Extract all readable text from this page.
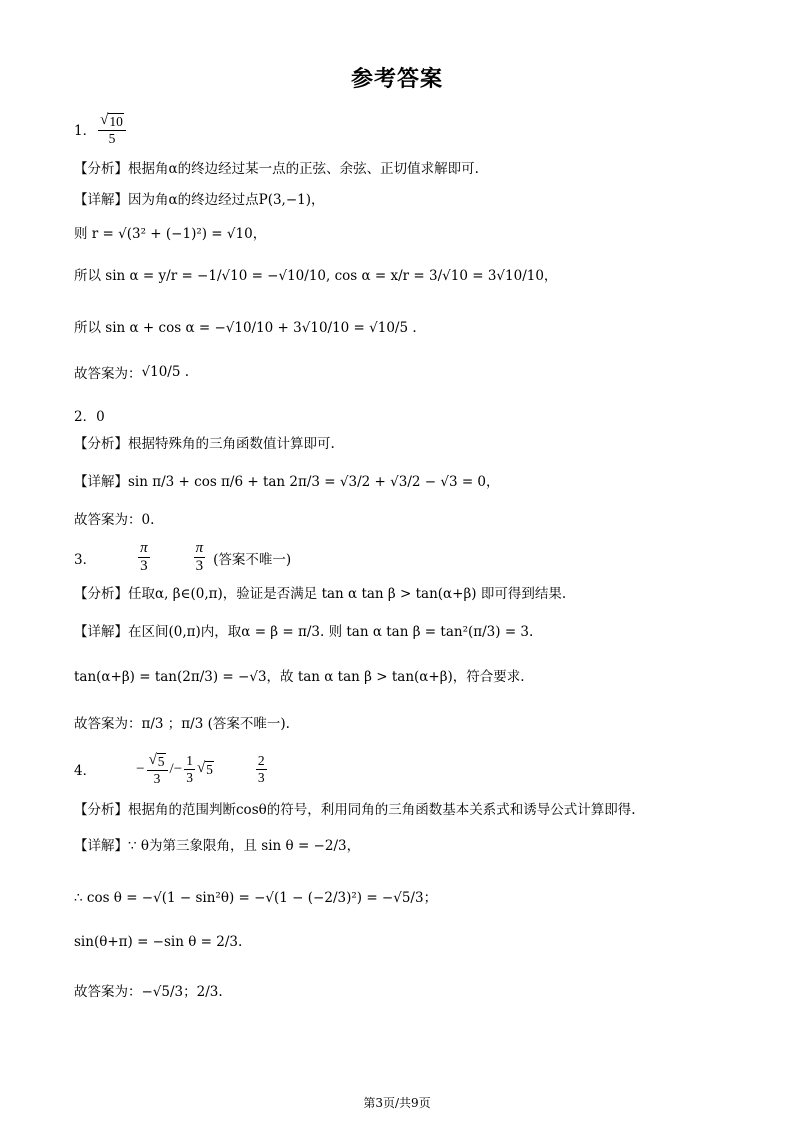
参考答案
1． $\frac{√ 10}{5}$
【分析】 根据角α的终边经过某一点的正弦、余弦、正切值求解即可.
【详解】 因为角α的终边经过点P(3,−1)，
则 r = √(3² + (−1)²) = √10，
所以 sin α = y/r = −1/√10 = −√10/10, cos α = x/r = 3/√10 = 3√10/10，
所以 sin α + cos α = −√10/10 + 3√10/10 = √10/5 .
故答案为： √10/5 .
2．0
【分析】 根据特殊角的三角函数值计算即可.
【详解】 sin π/3 + cos π/6 + tan 2π/3 = √3/2 + √3/2 − √3 = 0，
故答案为：0.
3．	$\frac{\pi}{3}$	$\frac{\pi}{3}$ (答案不唯一)
【分析】 任取α, β∈(0,π)，验证是否满足 tan α tan β > tan(α+β) 即可得到结果.
【详解】 在区间(0,π)内，取α = β = π/3. 则 tan α tan β = tan²(π/3) = 3.
tan(α+β) = tan(2π/3) = −√3，故 tan α tan β > tan(α+β)，符合要求.
故答案为：π/3 ；π/3 (答案不唯一).
4．	− $\frac{√ 5}{3} /- \frac{1}{3}$ √ 5	$\frac{2}{3}$
【分析】 根据角的范围判断cosθ的符号，利用同角的三角函数基本关系式和诱导公式计算即得.
【详解】 ∵ θ为第三象限角，且 sin θ = −2/3，
∴ cos θ = −√(1 − sin²θ) = −√(1 − (−2/3)²) = −√5/3；
sin(θ+π) = −sin θ = 2/3.
故答案为：−√5/3；2/3.
第3页/共9页
